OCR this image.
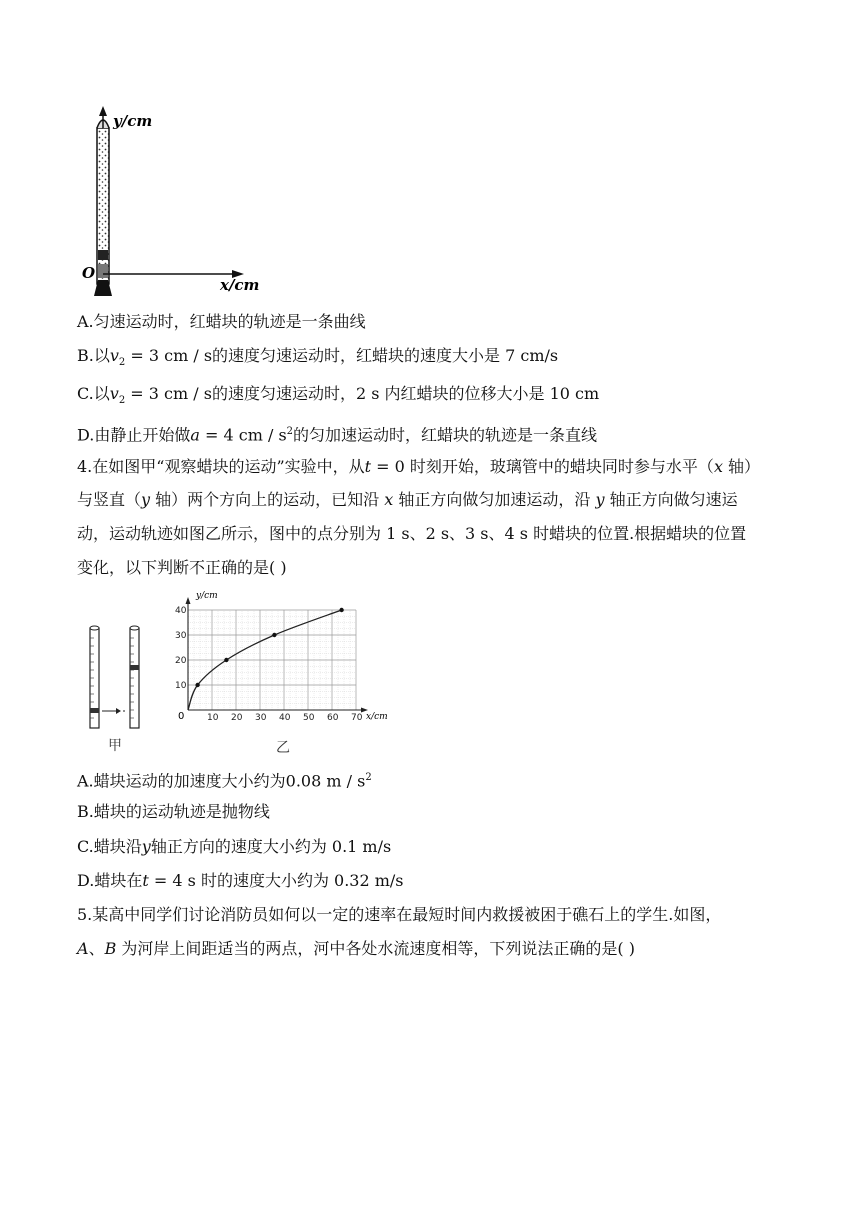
y/cm
O
x/cm
A.匀速运动时，红蜡块的轨迹是一条曲线
B.以$v_2 = 3$ cm / s的速度匀速运动时，红蜡块的速度大小是 7 cm/s
C.以$v_2 = 3$ cm / s的速度匀速运动时，2 s 内红蜡块的位移大小是 10 cm
D.由静止开始做a = 4 cm / $s^2$的匀加速运动时，红蜡块的轨迹是一条直线
4.在如图甲“观察蜡块的运动”实验中，从t = 0 时刻开始，玻璃管中的蜡块同时参与水平（x 轴）
与竖直（y 轴）两个方向上的运动，已知沿 x 轴正方向做匀加速运动，沿 y 轴正方向做匀速运
动，运动轨迹如图乙所示，图中的点分别为 1 s、2 s、3 s、4 s 时蜡块的位置.根据蜡块的位置
变化，以下判断不正确的是( )
甲
10 20 30 40 50 60 70
10
20
30
40
y/cm
x/cm
0
乙
A.蜡块运动的加速度大小约为0.08 m / $s^2$
B.蜡块的运动轨迹是抛物线
C.蜡块沿y轴正方向的速度大小约为 0.1 m/s
D.蜡块在t = 4 s 时的速度大小约为 0.32 m/s
5.某高中同学们讨论消防员如何以一定的速率在最短时间内救援被困于礁石上的学生.如图，
A、B 为河岸上间距适当的两点，河中各处水流速度相等，下列说法正确的是( )
